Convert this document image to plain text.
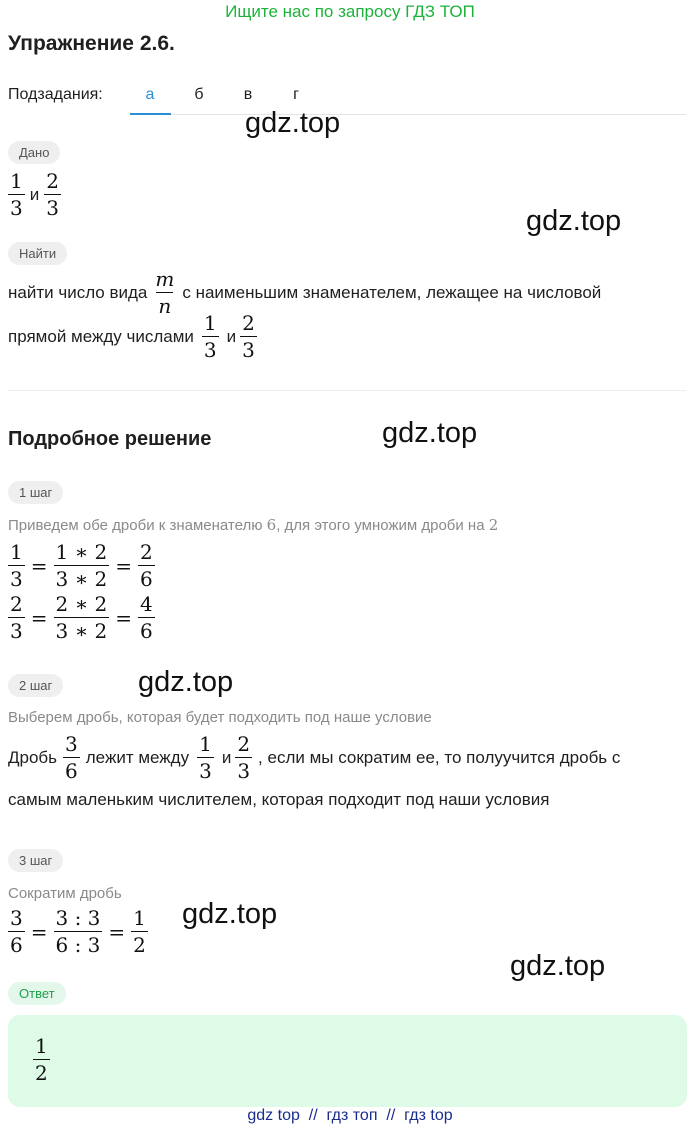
Ищите нас по запросу ГДЗ ТОП
Упражнение 2.6.
Подзадания:	а	б	в	г
gdz.top
gdz.top
gdz.top
gdz.top
gdz.top
gdz.top
Дано
$\frac{1}{3}$ и $\frac{2}{3}$
Найти
найти число вида $\frac{m}{n}$ с наименьшим знаменателем, лежащее на числовой
прямой между числами $\frac{1}{3}$ и $\frac{2}{3}$
Подробное решение
1 шаг
Приведем обе дроби к знаменателю 6, для этого умножим дроби на 2
$\frac{1}{3} = \frac{1 ∗ 2}{3 ∗ 2} = \frac{2}{6}$
$\frac{2}{3} = \frac{2 ∗ 2}{3 ∗ 2} = \frac{4}{6}$
2 шаг
Выберем дробь, которая будет подходить под наше условие
Дробь $\frac{3}{6}$ лежит между $\frac{1}{3}$ и $\frac{2}{3}$ , если мы сократим ее, то полуучится дробь с
самым маленьким числителем, которая подходит под наши условия
3 шаг
Сократим дробь
$\frac{3}{6} = \frac{3 : 3}{6 : 3} = \frac{1}{2}$
Ответ
$\frac{1}{2}$
gdz top  //  гдз топ  //  гдз top
